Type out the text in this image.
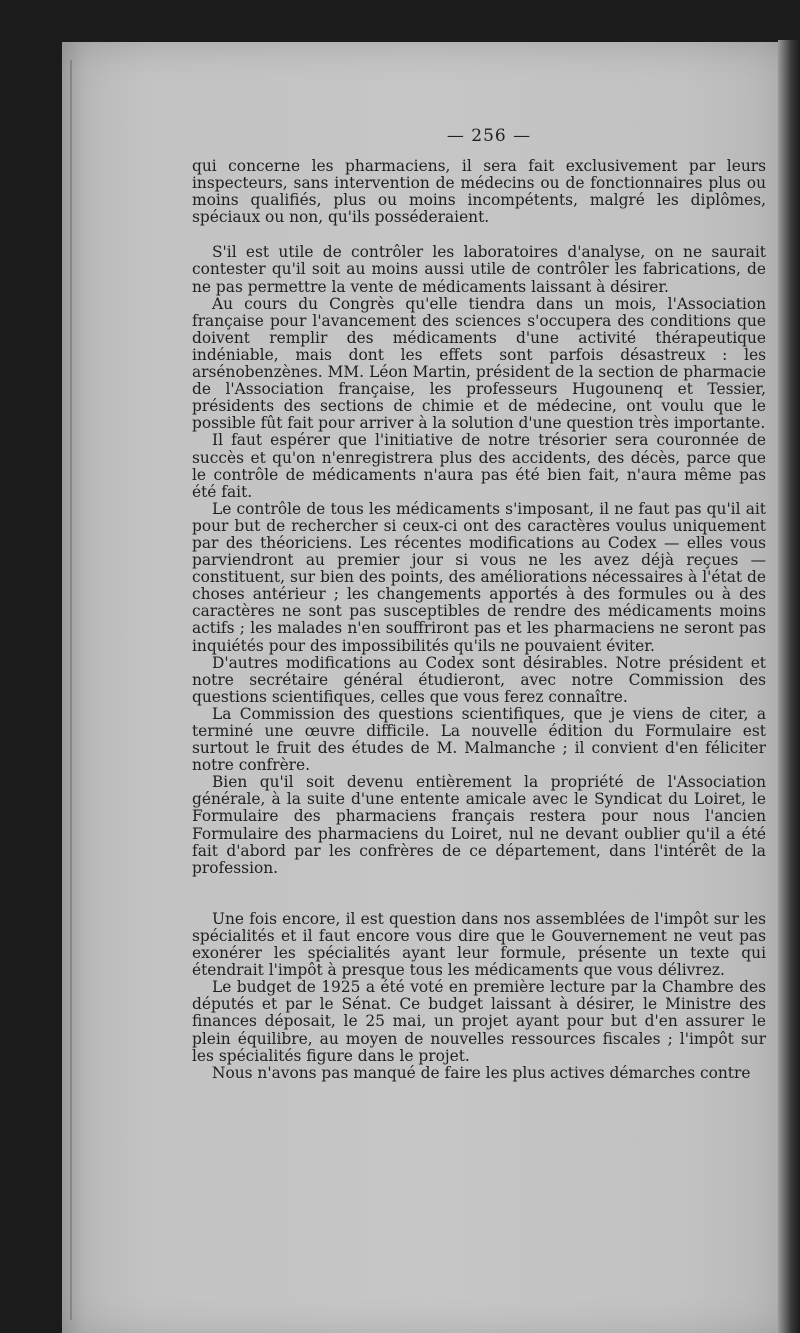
— 256 —

qui concerne les pharmaciens, il sera fait exclusivement par leurs inspecteurs, sans intervention de médecins ou de fonctionnaires plus ou moins qualifiés, plus ou moins incompétents, malgré les diplômes, spéciaux ou non, qu'ils posséderaient.

S'il est utile de contrôler les laboratoires d'analyse, on ne saurait contester qu'il soit au moins aussi utile de contrôler les fabrications, de ne pas permettre la vente de médicaments laissant à désirer.

Au cours du Congrès qu'elle tiendra dans un mois, l'Association française pour l'avancement des sciences s'occupera des conditions que doivent remplir des médicaments d'une activité thérapeutique indéniable, mais dont les effets sont parfois désastreux : les arsénobenzènes. MM. Léon Martin, président de la section de pharmacie de l'Association française, les professeurs Hugounenq et Tessier, présidents des sections de chimie et de médecine, ont voulu que le possible fût fait pour arriver à la solution d'une question très importante.

Il faut espérer que l'initiative de notre trésorier sera couronnée de succès et qu'on n'enregistrera plus des accidents, des décès, parce que le contrôle de médicaments n'aura pas été bien fait, n'aura même pas été fait.

Le contrôle de tous les médicaments s'imposant, il ne faut pas qu'il ait pour but de rechercher si ceux-ci ont des caractères voulus uniquement par des théoriciens. Les récentes modifications au Codex — elles vous parviendront au premier jour si vous ne les avez déjà reçues — constituent, sur bien des points, des améliorations nécessaires à l'état de choses antérieur ; les changements apportés à des formules ou à des caractères ne sont pas susceptibles de rendre des médicaments moins actifs ; les malades n'en souffriront pas et les pharmaciens ne seront pas inquiétés pour des impossibilités qu'ils ne pouvaient éviter.

D'autres modifications au Codex sont désirables. Notre président et notre secrétaire général étudieront, avec notre Commission des questions scientifiques, celles que vous ferez connaître.

La Commission des questions scientifiques, que je viens de citer, a terminé une œuvre difficile. La nouvelle édition du Formulaire est surtout le fruit des études de M. Malmanche ; il convient d'en féliciter notre confrère.

Bien qu'il soit devenu entièrement la propriété de l'Association générale, à la suite d'une entente amicale avec le Syndicat du Loiret, le Formulaire des pharmaciens français restera pour nous l'ancien Formulaire des pharmaciens du Loiret, nul ne devant oublier qu'il a été fait d'abord par les confrères de ce département, dans l'intérêt de la profession.

Une fois encore, il est question dans nos assemblées de l'impôt sur les spécialités et il faut encore vous dire que le Gouvernement ne veut pas exonérer les spécialités ayant leur formule, présente un texte qui étendrait l'impôt à presque tous les médicaments que vous délivrez.

Le budget de 1925 a été voté en première lecture par la Chambre des députés et par le Sénat. Ce budget laissant à désirer, le Ministre des finances déposait, le 25 mai, un projet ayant pour but d'en assurer le plein équilibre, au moyen de nouvelles ressources fiscales ; l'impôt sur les spécialités figure dans le projet.

Nous n'avons pas manqué de faire les plus actives démarches contre
